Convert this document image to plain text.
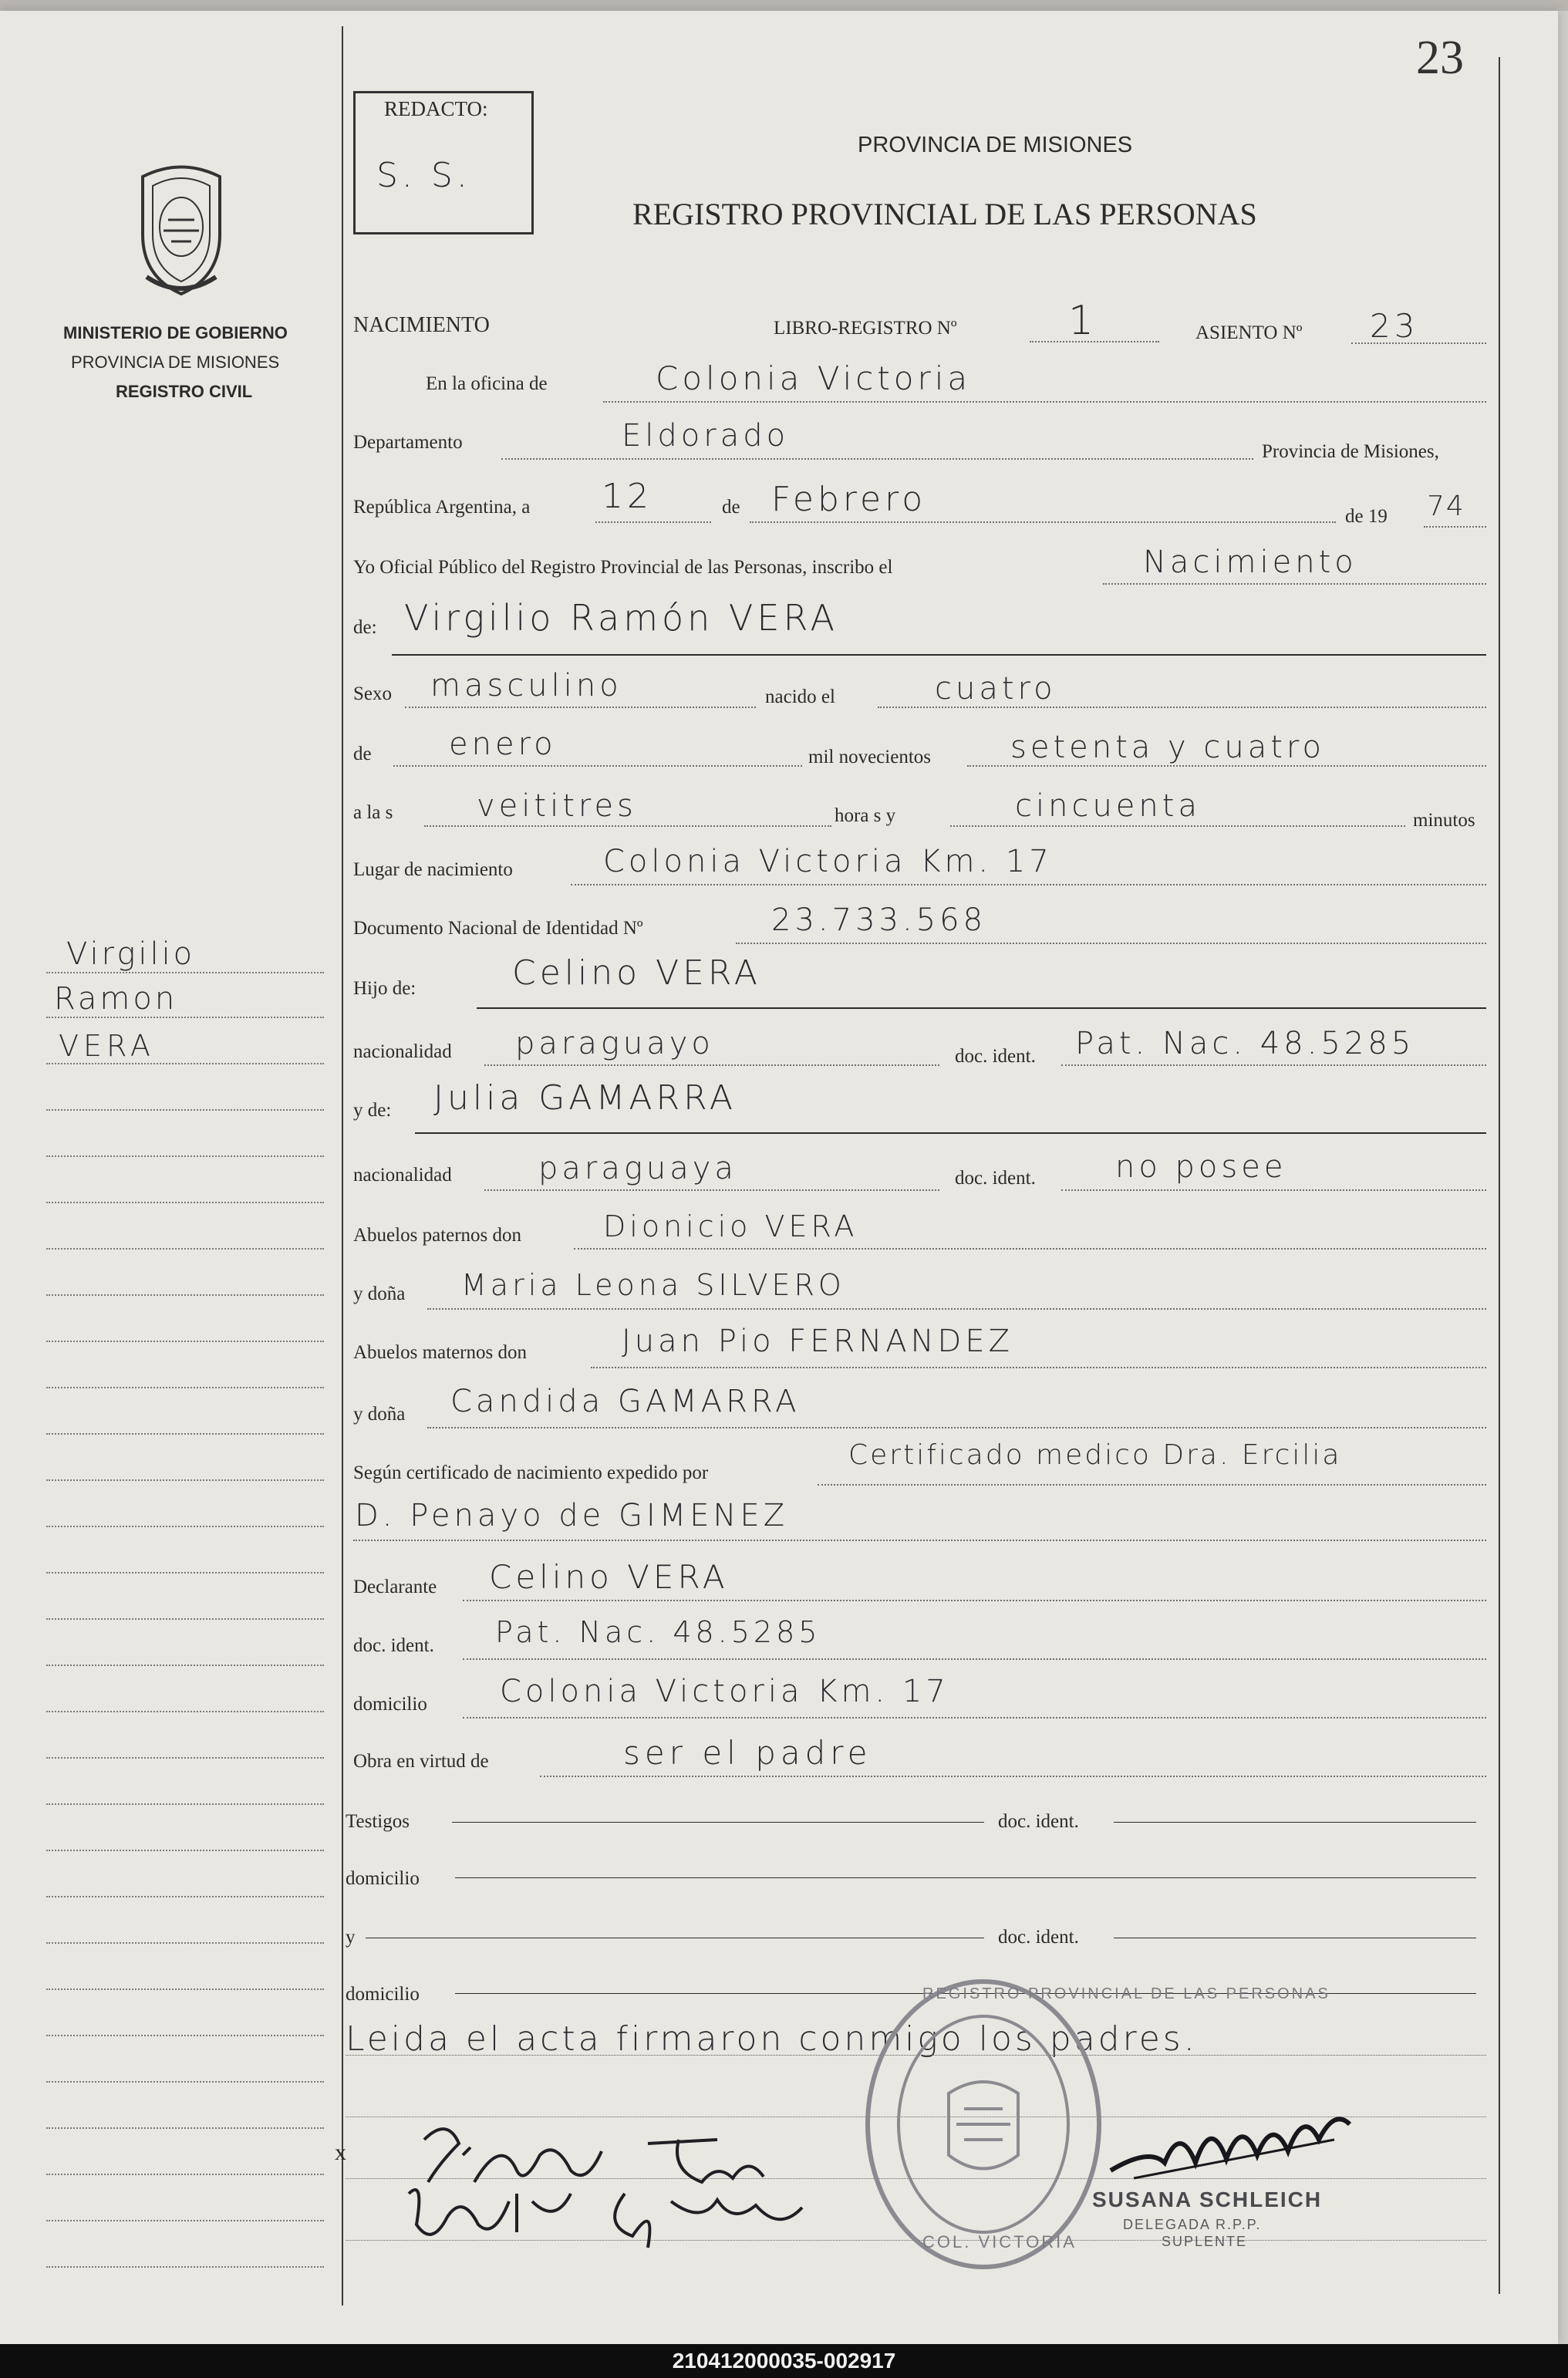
23
MINISTERIO DE GOBIERNO
PROVINCIA DE MISIONES
REGISTRO CIVIL
REDACTO:
S. S.
PROVINCIA DE MISIONES
REGISTRO PROVINCIAL DE LAS PERSONAS
NACIMIENTO	LIBRO-REGISTRO Nº	1	ASIENTO Nº 23
En la oficina de	Colonia Victoria
Departamento	Eldorado	Provincia de Misiones,
República Argentina, a 12	de Febrero	de 19 74
Yo Oficial Público del Registro Provincial de las Personas, inscribo el	Nacimiento
de: Virgilio Ramón VERA
Sexo masculino	nacido el	cuatro
de	enero	mil novecientos	setenta y cuatro
a la s	veititres	hora s y	cincuenta	minutos
Lugar de nacimiento	Colonia Victoria Km. 17
Documento Nacional de Identidad Nº	23.733.568
Hijo de:	Celino VERA
nacionalidad paraguayo	doc. ident. Pat. Nac. 48.5285
y de: Julia GAMARRA
nacionalidad	paraguaya	doc. ident.	no posee
Abuelos paternos don	Dionicio VERA
y doña Maria Leona SILVERO
Abuelos maternos don	Juan Pio FERNANDEZ
y doña Candida GAMARRA
Según certificado de nacimiento expedido por
Certificado medico Dra. Ercilia
D. Penayo de GIMENEZ
Declarante Celino VERA
doc. ident. Pat. Nac. 48.5285
domicilio Colonia Victoria Km. 17
Obra en virtud de	ser el padre
Testigos	doc. ident.
domicilio
y	doc. ident.
domicilio
Leida el acta firmaron conmigo los padres.
x
REGISTRO PROVINCIAL DE LAS PERSONAS
COL. VICTORIA
SUSANA SCHLEICH
DELEGADA R.P.P.
SUPLENTE
Virgilio
Ramon
VERA
210412000035-002917
